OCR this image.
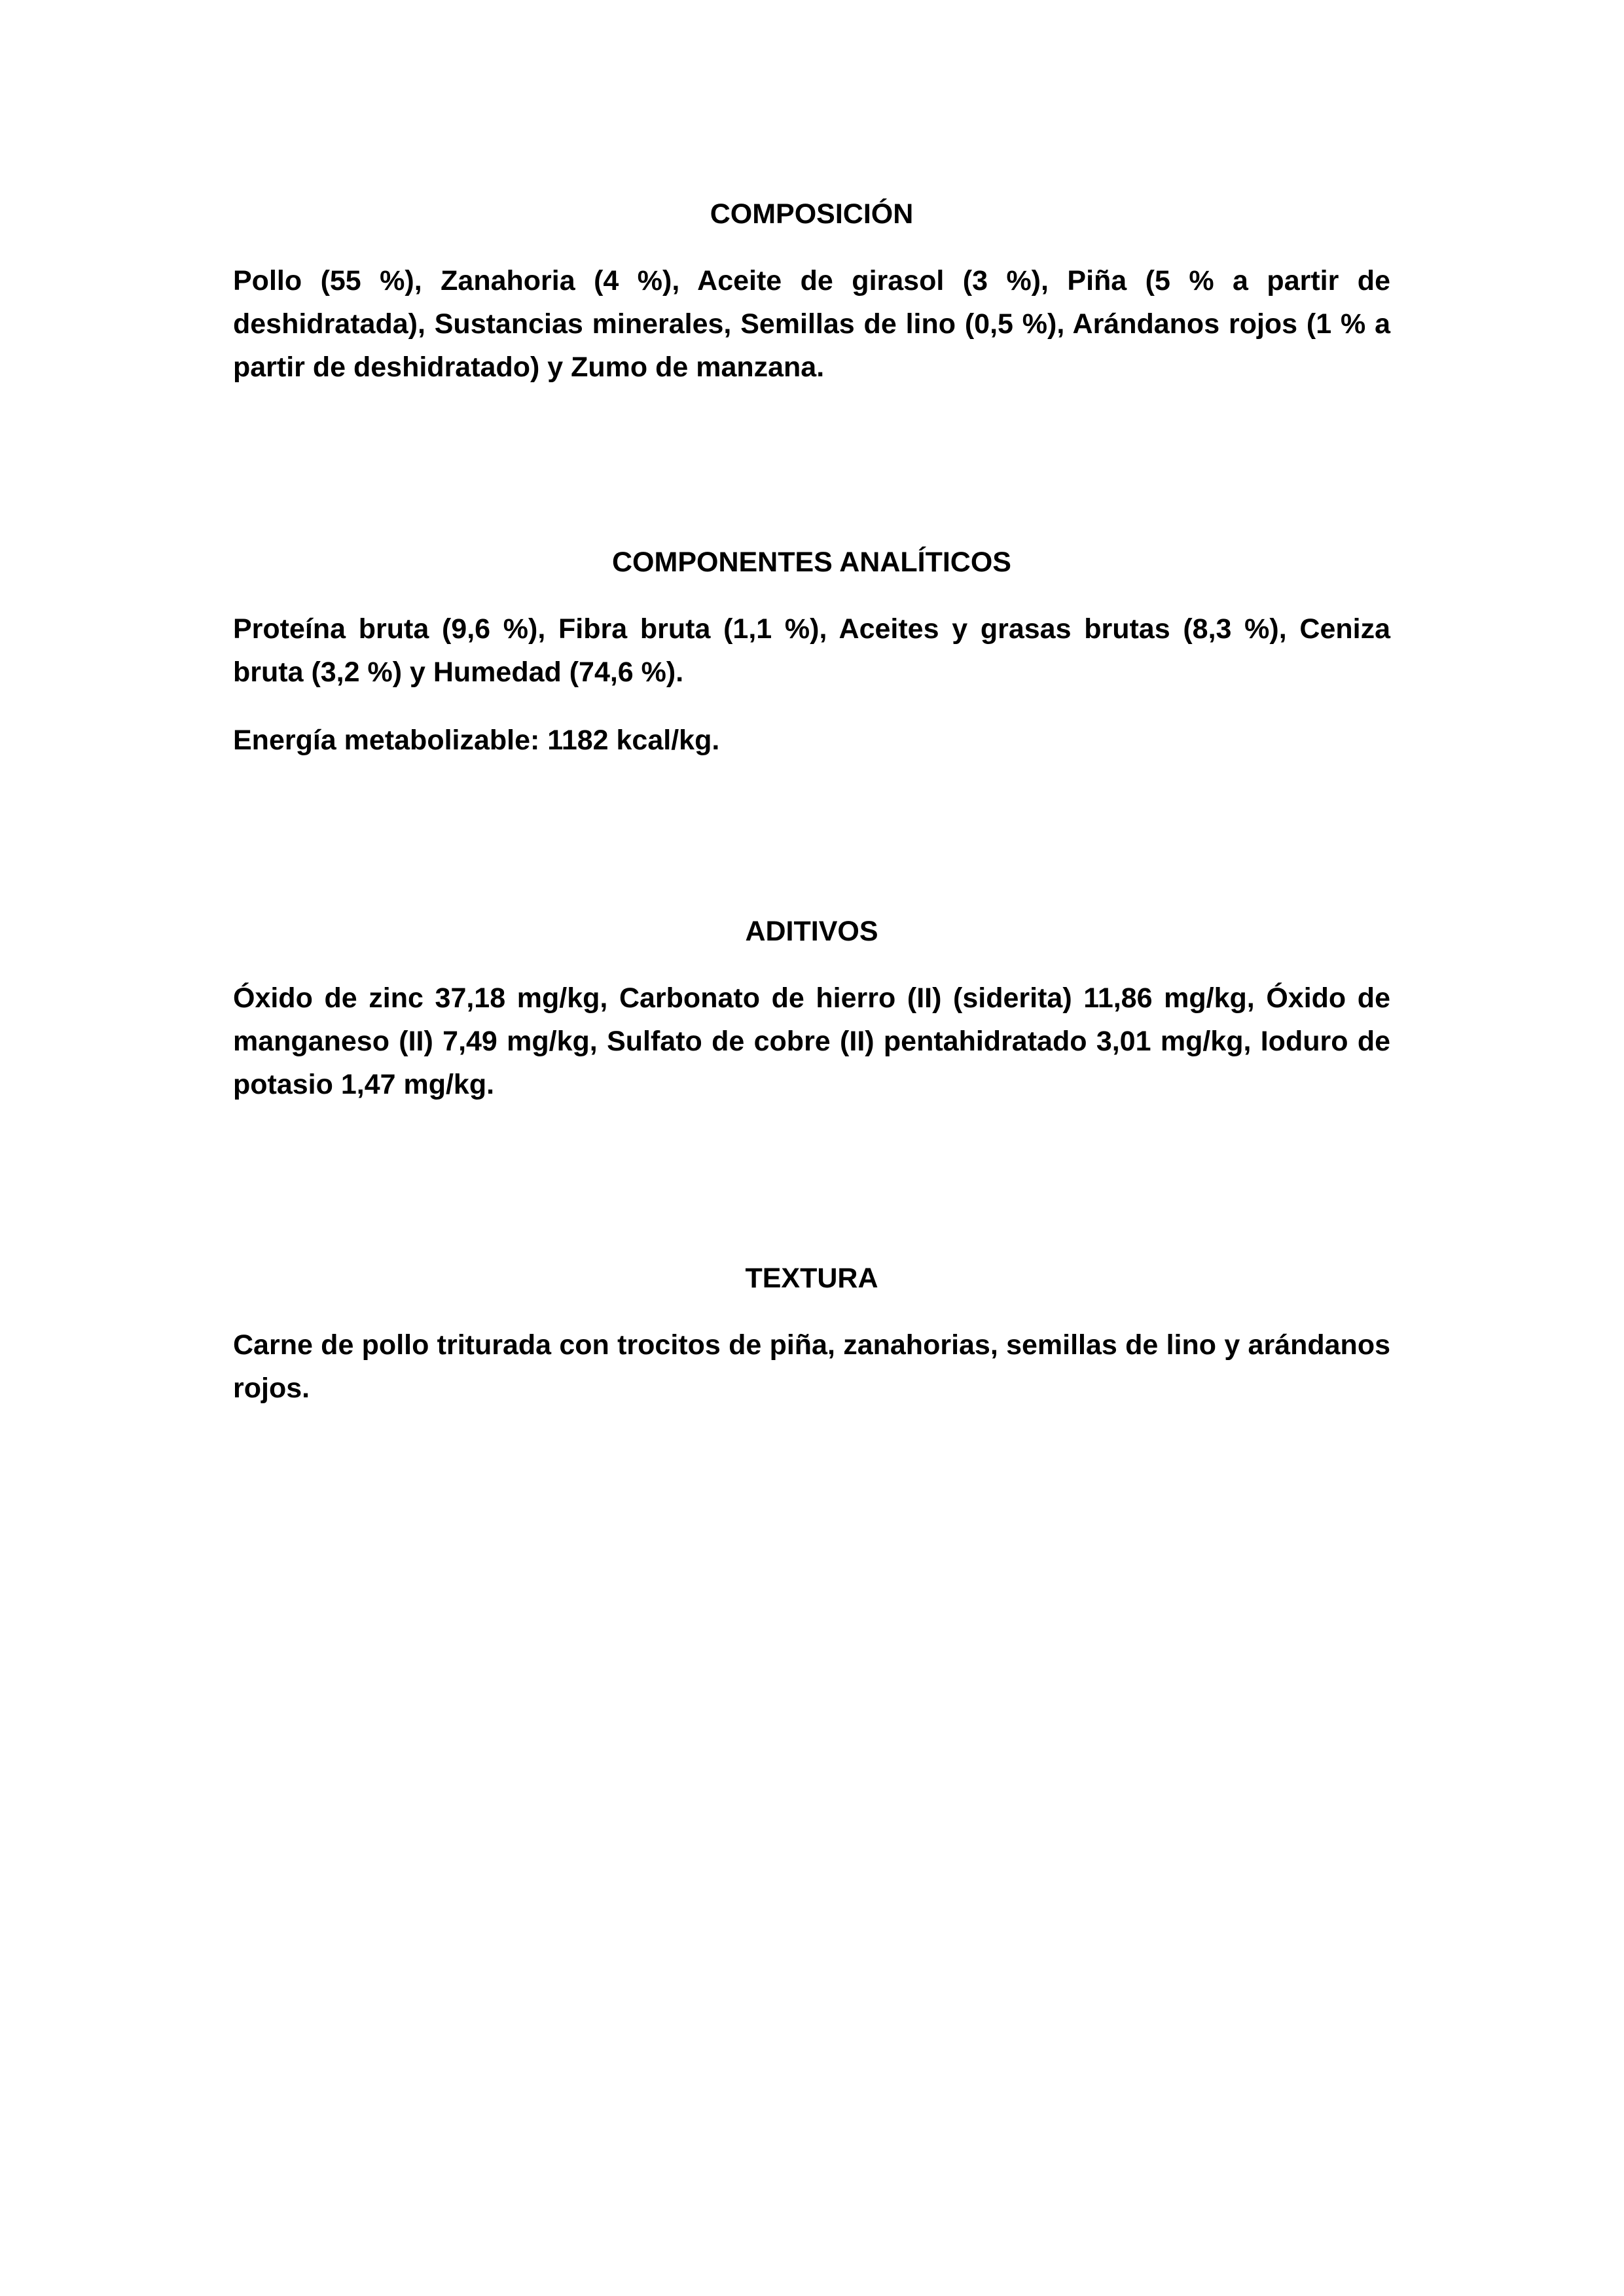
COMPOSICIÓN

Pollo (55 %), Zanahoria (4 %), Aceite de girasol (3 %), Piña (5 % a partir de deshidratada), Sustancias minerales, Semillas de lino (0,5 %), Arándanos rojos (1 % a partir de deshidratado) y Zumo de manzana.

COMPONENTES ANALÍTICOS

Proteína bruta (9,6 %), Fibra bruta (1,1 %), Aceites y grasas brutas (8,3 %), Ceniza bruta (3,2 %) y Humedad (74,6 %).

Energía metabolizable: 1182 kcal/kg.

ADITIVOS

Óxido de zinc 37,18 mg/kg, Carbonato de hierro (II) (siderita) 11,86 mg/kg, Óxido de manganeso (II) 7,49 mg/kg, Sulfato de cobre (II) pentahidratado 3,01 mg/kg, Ioduro de potasio 1,47 mg/kg.

TEXTURA

Carne de pollo triturada con trocitos de piña, zanahorias, semillas de lino y arándanos rojos.
